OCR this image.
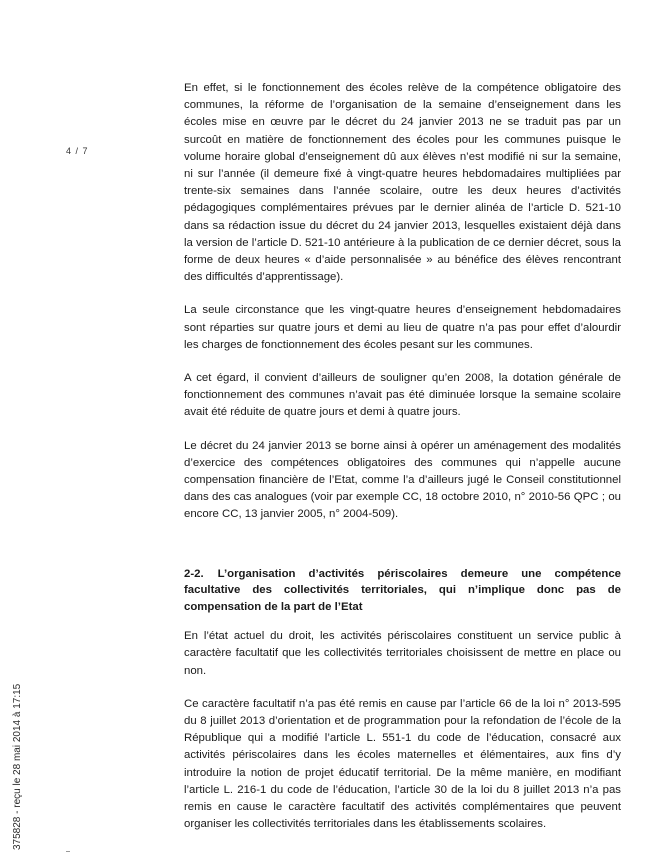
4 / 7
375828 - reçu le 28 mai 2014 à 17:15

En effet, si le fonctionnement des écoles relève de la compétence obligatoire des communes, la réforme de l’organisation de la semaine d’enseignement dans les écoles mise en œuvre par le décret du 24 janvier 2013 ne se traduit pas par un surcoût en matière de fonctionnement des écoles pour les communes puisque le volume horaire global d’enseignement dû aux élèves n’est modifié ni sur la semaine, ni sur l’année (il demeure fixé à vingt-quatre heures hebdomadaires multipliées par trente-six semaines dans l’année scolaire, outre les deux heures d’activités pédagogiques complémentaires prévues par le dernier alinéa de l’article D. 521-10 dans sa rédaction issue du décret du 24 janvier 2013, lesquelles existaient déjà dans la version de l’article D. 521-10 antérieure à la publication de ce dernier décret, sous la forme de deux heures « d’aide personnalisée » au bénéfice des élèves rencontrant des difficultés d’apprentissage).

La seule circonstance que les vingt-quatre heures d’enseignement hebdomadaires sont réparties sur quatre jours et demi au lieu de quatre n’a pas pour effet d’alourdir les charges de fonctionnement des écoles pesant sur les communes.

A cet égard, il convient d’ailleurs de souligner qu’en 2008, la dotation générale de fonctionnement des communes n’avait pas été diminuée lorsque la semaine scolaire avait été réduite de quatre jours et demi à quatre jours.

Le décret du 24 janvier 2013 se borne ainsi à opérer un aménagement des modalités d’exercice des compétences obligatoires des communes qui n’appelle aucune compensation financière de l’Etat, comme l’a d’ailleurs jugé le Conseil constitutionnel dans des cas analogues (voir par exemple CC, 18 octobre 2010, n° 2010-56 QPC ; ou encore CC, 13 janvier 2005, n° 2004-509).

2-2. L’organisation d’activités périscolaires demeure une compétence facultative des collectivités territoriales, qui n’implique donc pas de compensation de la part de l’Etat

En l’état actuel du droit, les activités périscolaires constituent un service public à caractère facultatif que les collectivités territoriales choisissent de mettre en place ou non.

Ce caractère facultatif n’a pas été remis en cause par l’article 66 de la loi n° 2013-595 du 8 juillet 2013 d’orientation et de programmation pour la refondation de l’école de la République qui a modifié l’article L. 551-1 du code de l’éducation, consacré aux activités périscolaires dans les écoles maternelles et élémentaires, aux fins d’y introduire la notion de projet éducatif territorial. De la même manière, en modifiant l’article L. 216-1 du code de l’éducation, l’article 30 de la loi du 8 juillet 2013 n’a pas remis en cause le caractère facultatif des activités complémentaires que peuvent organiser les collectivités territoriales dans les établissements scolaires.
